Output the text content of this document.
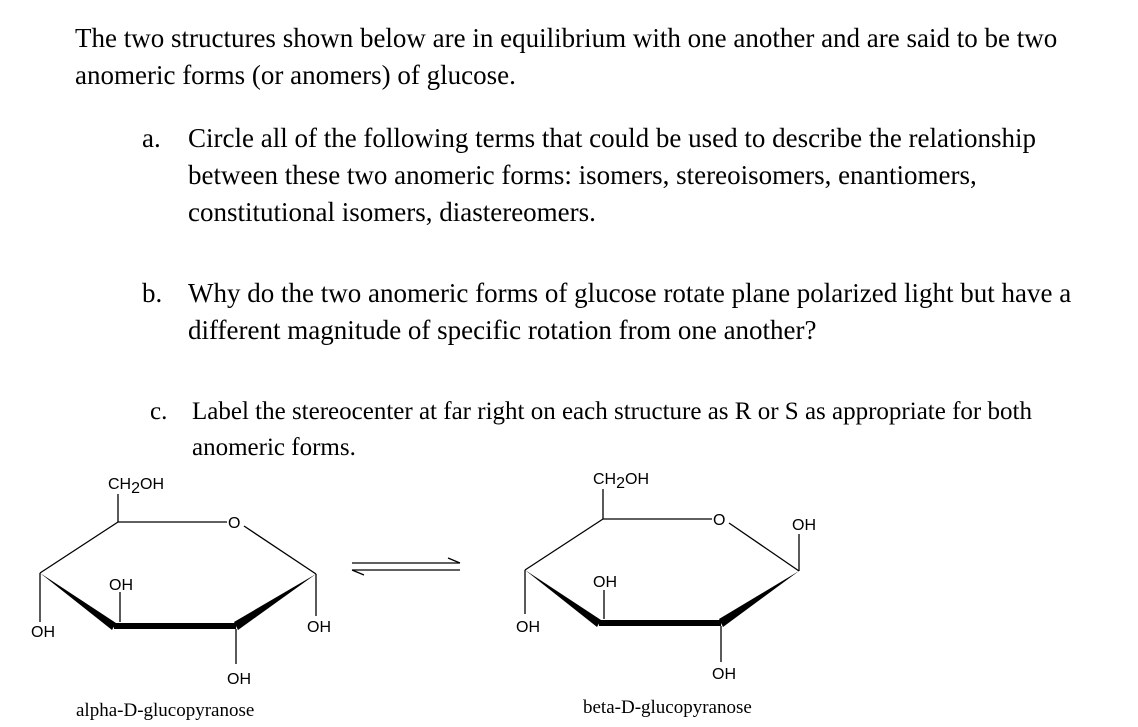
The two structures shown below are in equilibrium with one another and are said to be two anomeric forms (or anomers) of glucose.

a. Circle all of the following terms that could be used to describe the relationship between these two anomeric forms: isomers, stereoisomers, enantiomers, constitutional isomers, diastereomers.
b. Why do the two anomeric forms of glucose rotate plane polarized light but have a different magnitude of specific rotation from one another?
c. Label the stereocenter at far right on each structure as R or S as appropriate for both anomeric forms.
CH2OH
O
OH
OH
OH
OH
CH2OH
O
OH
OH
OH
OH
alpha-D-glucopyranose	beta-D-glucopyranose
